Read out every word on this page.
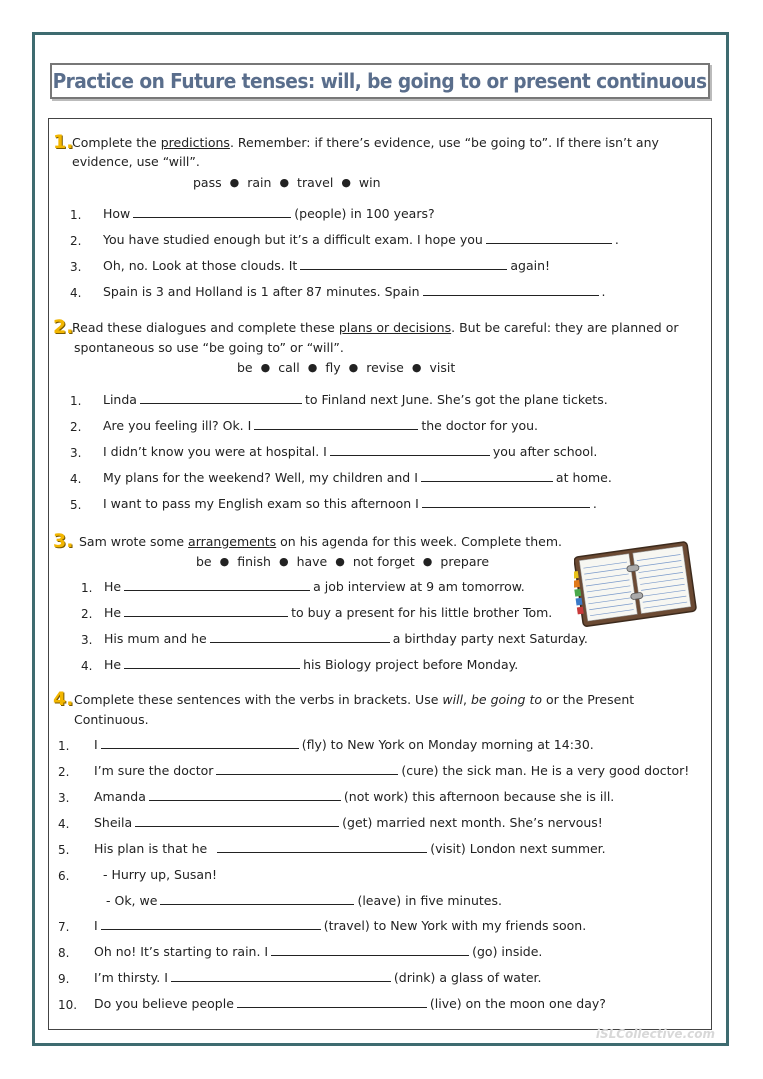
Practice on Future tenses: will, be going to or present continuous
1.
Complete the predictions. Remember: if there’s evidence, use “be going to”. If there isn’t any
evidence, use “will”.
pass ● rain ● travel ● win
1. How	(people) in 100 years?
2. You have studied enough but it’s a difficult exam. I hope you	.
3. Oh, no. Look at those clouds. It	again!
4. Spain is 3 and Holland is 1 after 87 minutes. Spain	.
2.
Read these dialogues and complete these plans or decisions. But be careful: they are planned or
spontaneous so use “be going to” or “will”.
be ● call ● fly ● revise ● visit
1. Linda	to Finland next June. She’s got the plane tickets.
2. Are you feeling ill? Ok. I	the doctor for you.
3. I didn’t know you were at hospital. I	you after school.
4. My plans for the weekend? Well, my children and I	at home.
5. I want to pass my English exam so this afternoon I	.
3. Sam wrote some arrangements on his agenda for this week. Complete them.
be ● finish ● have ● not forget ● prepare
1. He	a job interview at 9 am tomorrow.
2. He	to buy a present for his little brother Tom.
3. His mum and he	a birthday party next Saturday.
4. He	his Biology project before Monday.
4. Complete these sentences with the verbs in brackets. Use will, be going to or the Present
Continuous.
1. I	(fly) to New York on Monday morning at 14:30.
2. I’m sure the doctor	(cure) the sick man. He is a very good doctor!
3. Amanda	(not work) this afternoon because she is ill.
4. Sheila	(get) married next month. She’s nervous!
5. His plan is that he	(visit) London next summer.
6.	- Hurry up, Susan!
- Ok, we	(leave) in five minutes.
7. I	(travel) to New York with my friends soon.
8. Oh no! It’s starting to rain. I	(go) inside.
9. I’m thirsty. I	(drink) a glass of water.
10. Do you believe people	(live) on the moon one day?
iSLCollective.com
